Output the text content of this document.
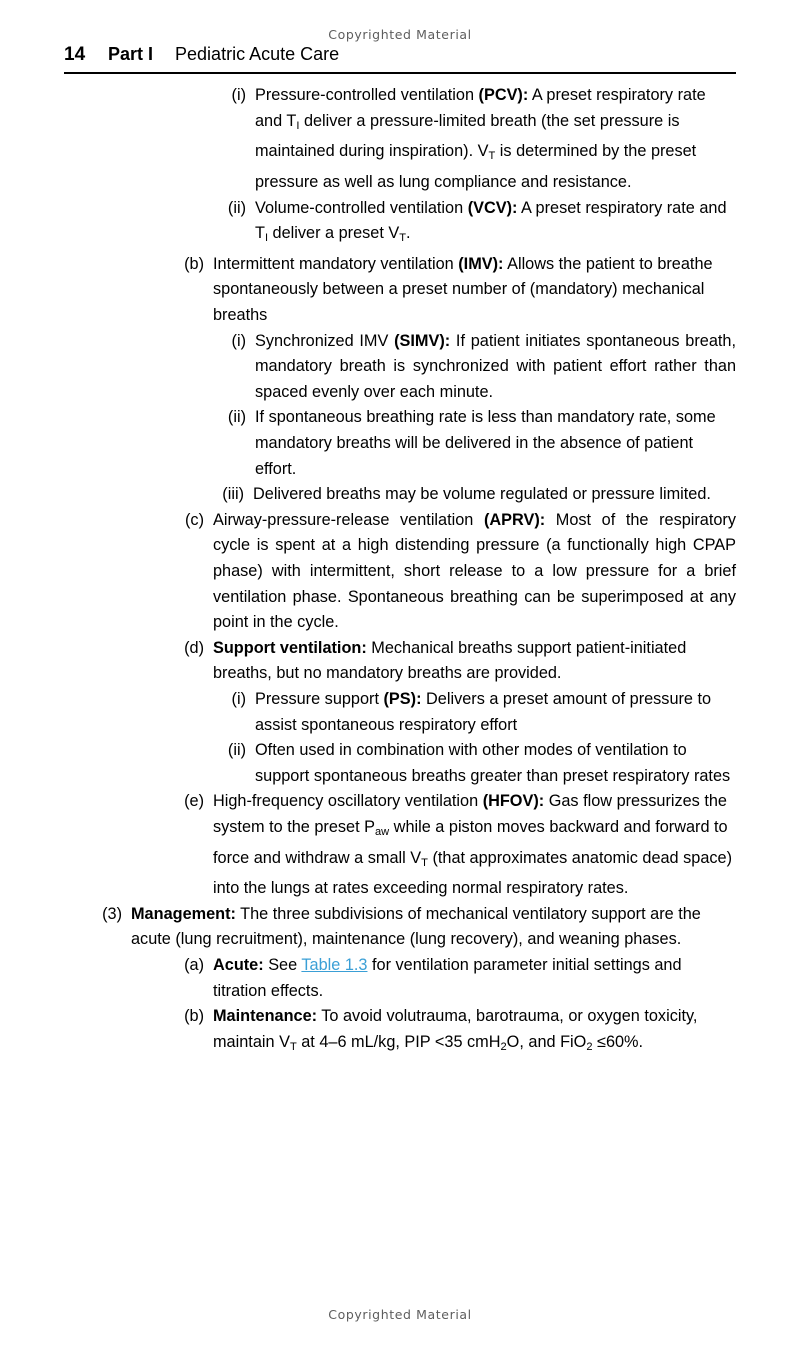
Copyrighted Material
14	Part I Pediatric Acute Care
(i) Pressure-controlled ventilation (PCV): A preset respiratory rate and $T_I$ deliver a pressure-limited breath (the set pressure is maintained during inspiration). $V_T$ is determined by the preset pressure as well as lung compliance and resistance.
(ii) Volume-controlled ventilation (VCV): A preset respiratory rate and $T_I$ deliver a preset $V_T$.
(b) Intermittent mandatory ventilation (IMV): Allows the patient to breathe spontaneously between a preset number of (mandatory) mechanical breaths
(i) Synchronized IMV (SIMV): If patient initiates spontaneous breath, mandatory breath is synchronized with patient effort rather than spaced evenly over each minute.
(ii) If spontaneous breathing rate is less than mandatory rate, some mandatory breaths will be delivered in the absence of patient effort.
(iii) Delivered breaths may be volume regulated or pressure limited.
(c) Airway-pressure-release ventilation (APRV): Most of the respiratory cycle is spent at a high distending pressure (a functionally high CPAP phase) with intermittent, short release to a low pressure for a brief ventilation phase. Spontaneous breathing can be superimposed at any point in the cycle.
(d) Support ventilation: Mechanical breaths support patient-initiated breaths, but no mandatory breaths are provided.
(i) Pressure support (PS): Delivers a preset amount of pressure to assist spontaneous respiratory effort
(ii) Often used in combination with other modes of ventilation to support spontaneous breaths greater than preset respiratory rates
(e) High-frequency oscillatory ventilation (HFOV): Gas flow pressurizes the system to the preset $P_{aw}$ while a piston moves backward and forward to force and withdraw a small $V_T$ (that approximates anatomic dead space) into the lungs at rates exceeding normal respiratory rates.
(3) Management: The three subdivisions of mechanical ventilatory support are the acute (lung recruitment), maintenance (lung recovery), and weaning phases.
(a) Acute: See Table 1.3 for ventilation parameter initial settings and titration effects.
(b) Maintenance: To avoid volutrauma, barotrauma, or oxygen toxicity, maintain $V_T$ at 4–6 mL/kg, PIP <35 cmH$_2$O, and FiO$_2$ ≤60%.
Copyrighted Material
